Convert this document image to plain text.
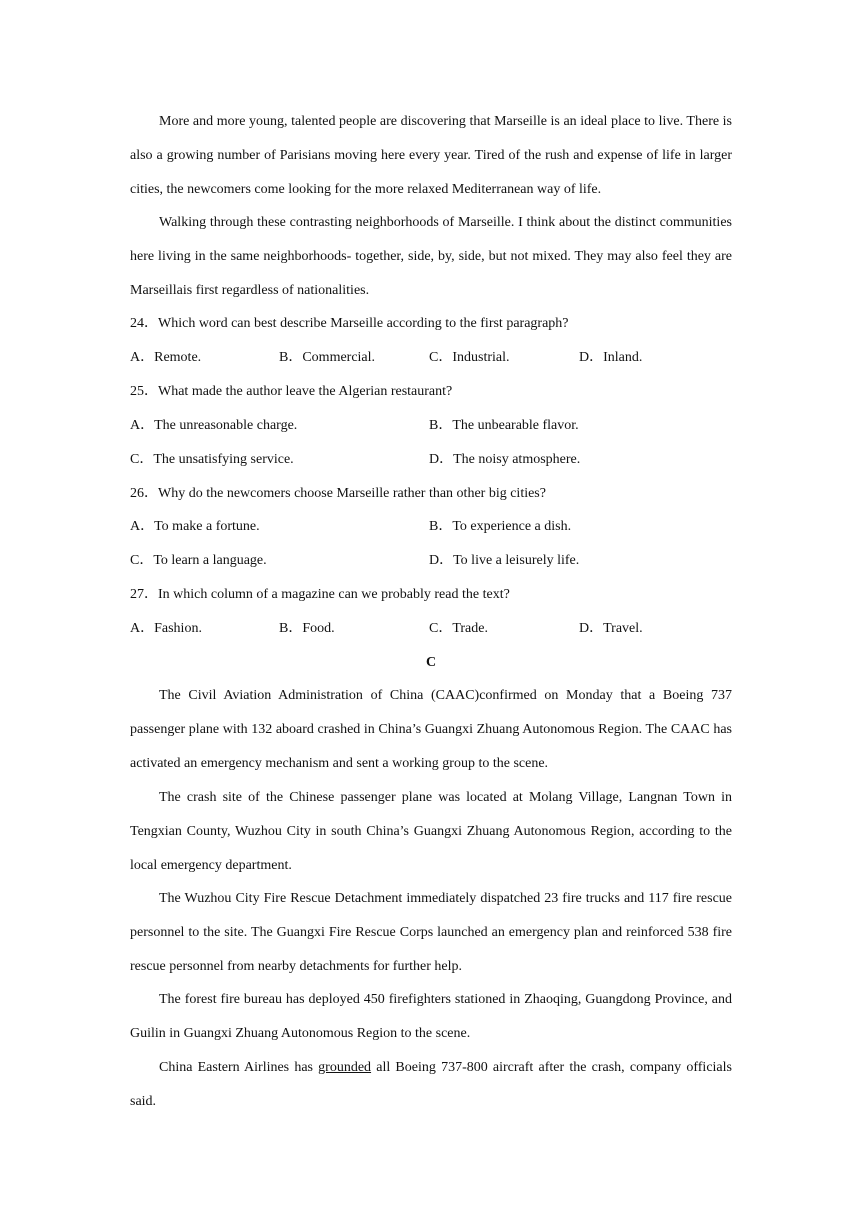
More and more young, talented people are discovering that Marseille is an ideal place to live. There is also a growing number of Parisians moving here every year. Tired of the rush and expense of life in larger cities, the newcomers come looking for the more relaxed Mediterranean way of life.

Walking through these contrasting neighborhoods of Marseille. I think about the distinct communities here living in the same neighborhoods- together, side, by, side, but not mixed. They may also feel they are Marseillais first regardless of nationalities.

24．Which word can best describe Marseille according to the first paragraph?

A．Remote.	B．Commercial.	C．Industrial.	D．Inland.

25．What made the author leave the Algerian restaurant?

A．The unreasonable charge.	B．The unbearable flavor.
C．The unsatisfying service.	D．The noisy atmosphere.

26．Why do the newcomers choose Marseille rather than other big cities?

A．To make a fortune.	B．To experience a dish.
C．To learn a language.	D．To live a leisurely life.

27．In which column of a magazine can we probably read the text?

A．Fashion.	B．Food.	C．Trade.	D．Travel.
C

The Civil Aviation Administration of China (CAAC)confirmed on Monday that a Boeing 737 passenger plane with 132 aboard crashed in China’s Guangxi Zhuang Autonomous Region. The CAAC has activated an emergency mechanism and sent a working group to the scene.

The crash site of the Chinese passenger plane was located at Molang Village, Langnan Town in Tengxian County, Wuzhou City in south China’s Guangxi Zhuang Autonomous Region, according to the local emergency department.

The Wuzhou City Fire Rescue Detachment immediately dispatched 23 fire trucks and 117 fire rescue personnel to the site. The Guangxi Fire Rescue Corps launched an emergency plan and reinforced 538 fire rescue personnel from nearby detachments for further help.

The forest fire bureau has deployed 450 firefighters stationed in Zhaoqing, Guangdong Province, and Guilin in Guangxi Zhuang Autonomous Region to the scene.

China Eastern Airlines has grounded all Boeing 737-800 aircraft after the crash, company officials said.
